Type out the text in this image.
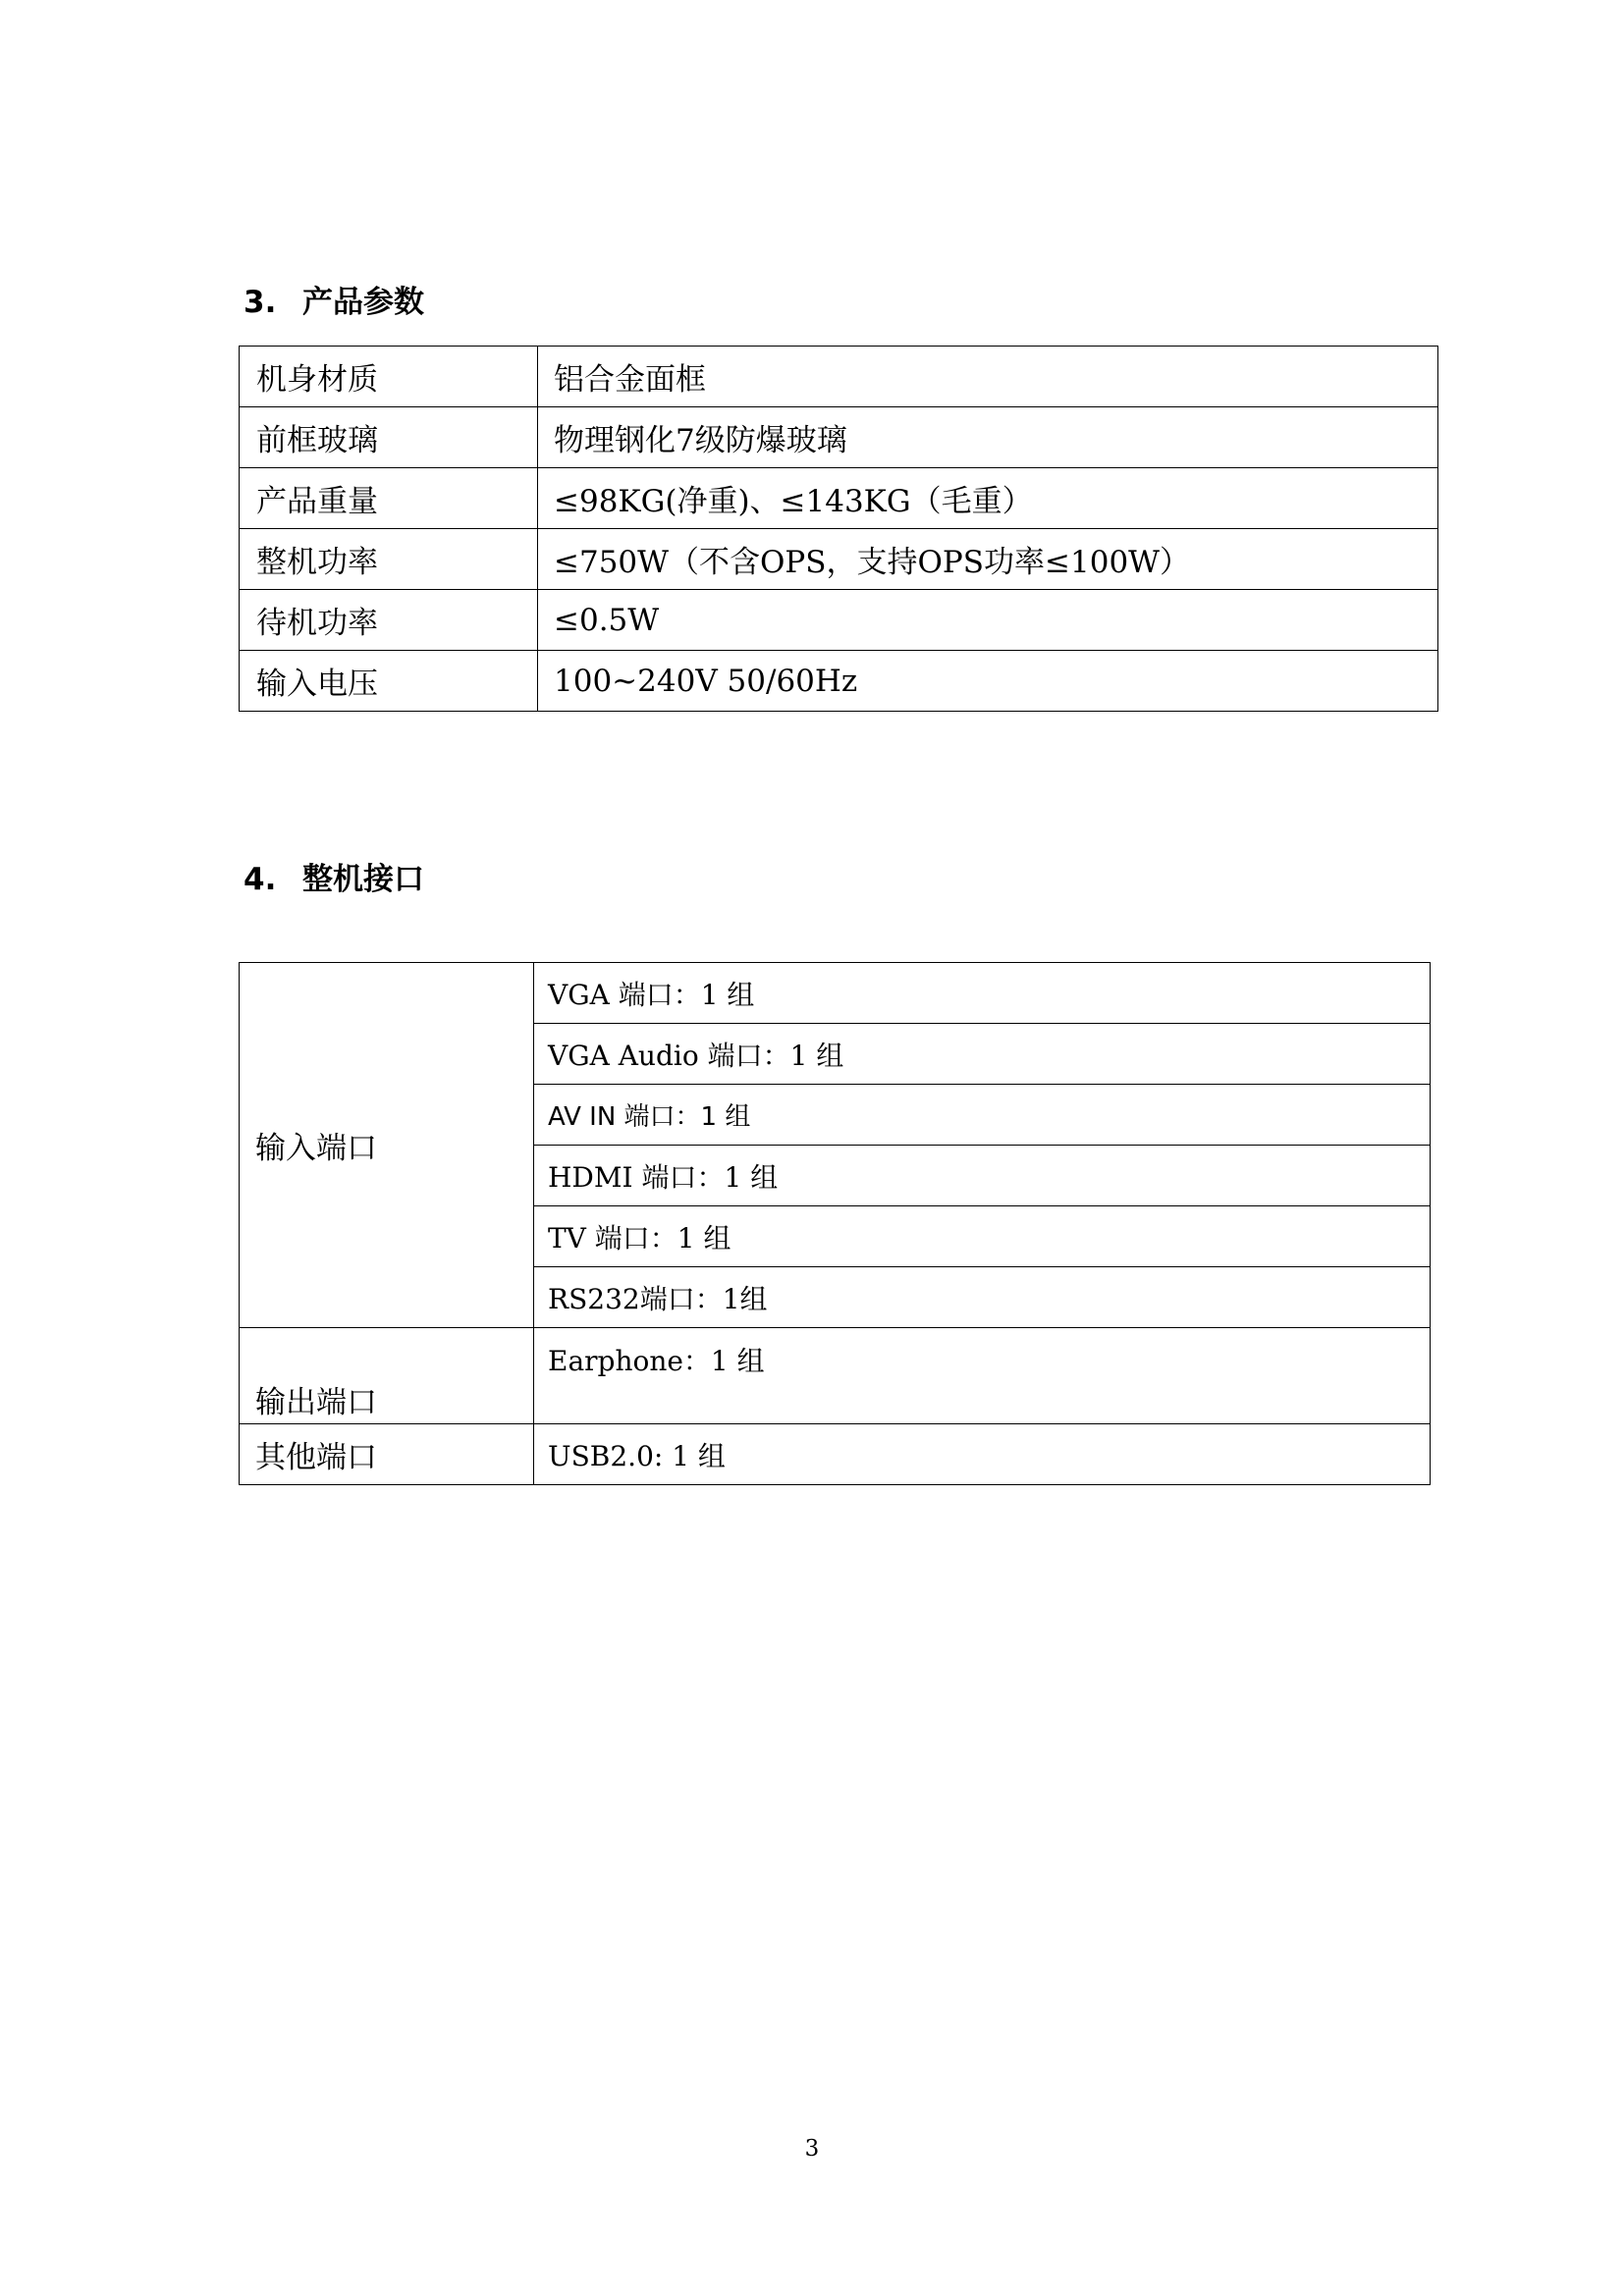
3. 产品参数
机身材质	铝合金面框
前框玻璃	物理钢化7级防爆玻璃
产品重量	≤98KG(净重)、≤143KG（毛重）
整机功率	≤750W（不含OPS，支持OPS功率≤100W）
待机功率	≤0.5W
输入电压	100~240V 50/60Hz
4. 整机接口
输入端口	VGA 端口：1 组
	VGA Audio 端口：1 组
	AV IN 端口：1 组
	HDMI 端口：1 组
	TV 端口：1 组
	RS232端口：1组
输出端口	Earphone：1 组
其他端口	USB2.0: 1 组
3
